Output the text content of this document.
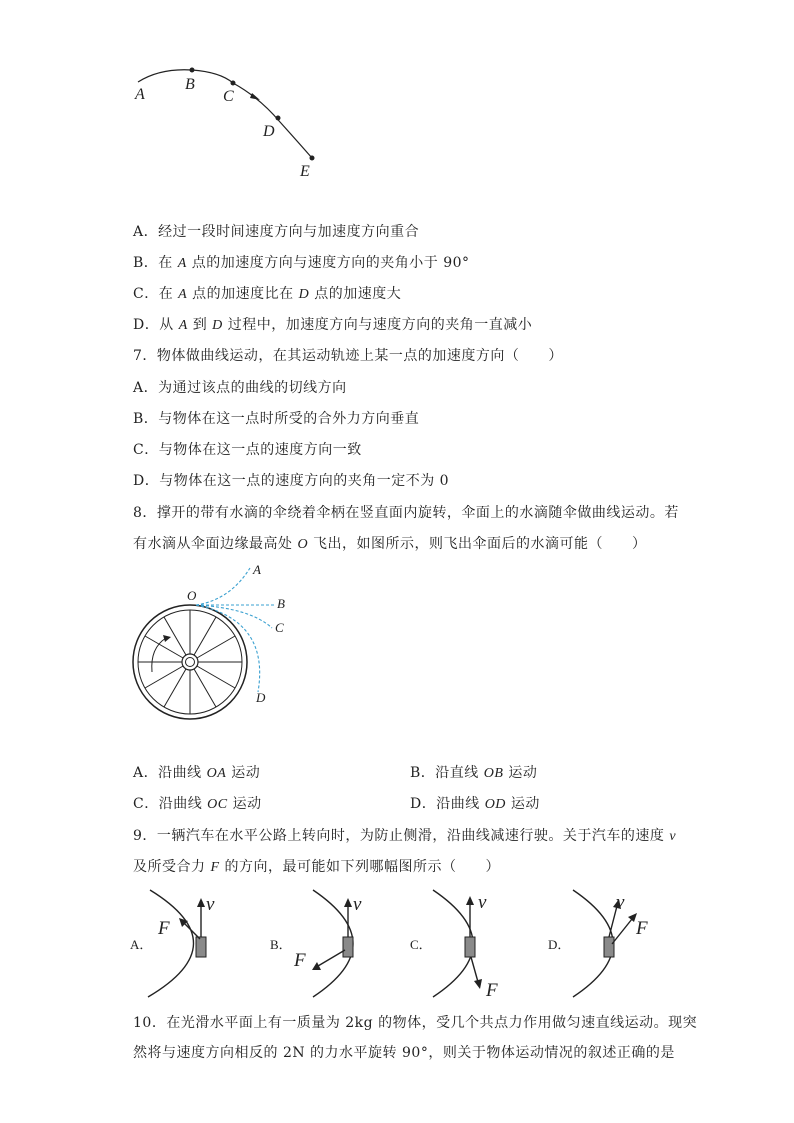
A
B
C
D
E
A．经过一段时间速度方向与加速度方向重合
B．在 A 点的加速度方向与速度方向的夹角小于 90°
C．在 A 点的加速度比在 D 点的加速度大
D．从 A 到 D 过程中，加速度方向与速度方向的夹角一直减小
7．物体做曲线运动，在其运动轨迹上某一点的加速度方向（　　）
A．为通过该点的曲线的切线方向
B．与物体在这一点时所受的合外力方向垂直
C．与物体在这一点的速度方向一致
D．与物体在这一点的速度方向的夹角一定不为 0
8．撑开的带有水滴的伞绕着伞柄在竖直面内旋转，伞面上的水滴随伞做曲线运动。若
有水滴从伞面边缘最高处 O 飞出，如图所示，则飞出伞面后的水滴可能（　　）
O
A
B
C
D
A．沿曲线 OA 运动	B．沿直线 OB 运动
C．沿曲线 OC 运动	D．沿曲线 OD 运动
9．一辆汽车在水平公路上转向时，为防止侧滑，沿曲线减速行驶。关于汽车的速度 v
及所受合力 F 的方向，最可能如下列哪幅图所示（　　）
A．
v
F
B．
v
F
C．
v
F
D．
v
F
10．在光滑水平面上有一质量为 2kg 的物体，受几个共点力作用做匀速直线运动。现突
然将与速度方向相反的 2N 的力水平旋转 90°，则关于物体运动情况的叙述正确的是
